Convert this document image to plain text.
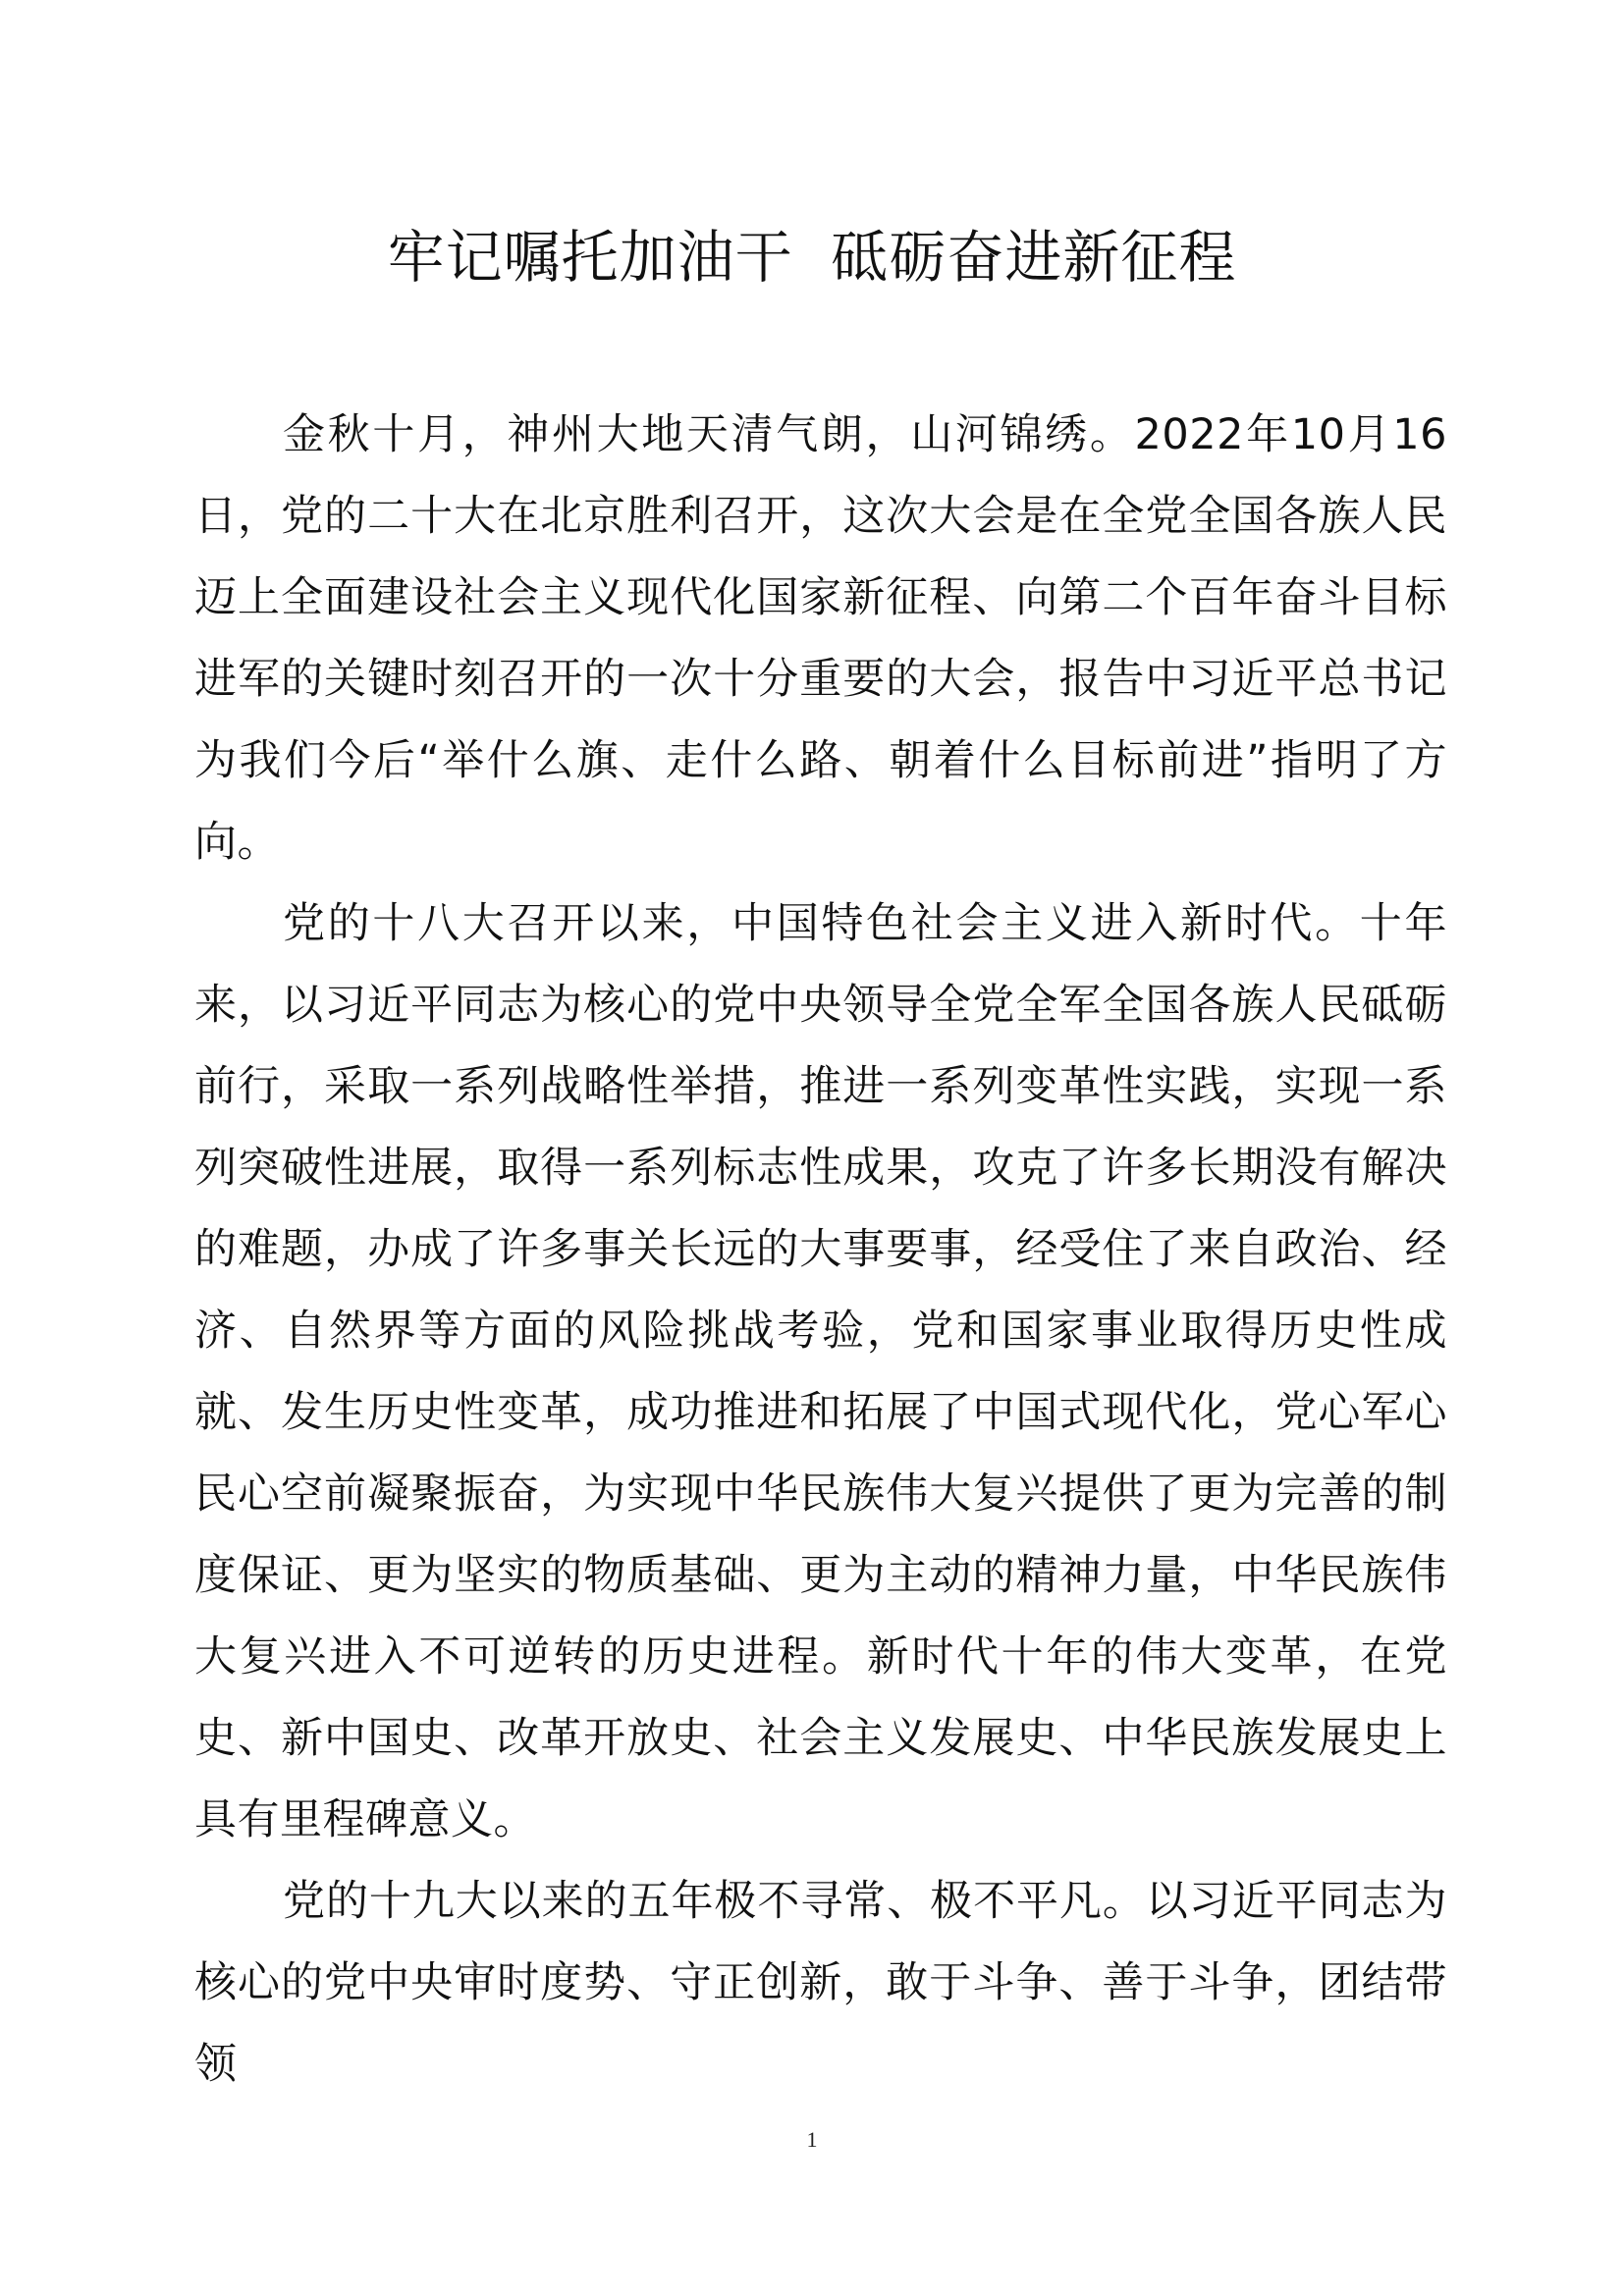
牢记嘱托加油干  砥砺奋进新征程

金秋十月，神州大地天清气朗，山河锦绣。2022年10月16日，党的二十大在北京胜利召开，这次大会是在全党全国各族人民迈上全面建设社会主义现代化国家新征程、向第二个百年奋斗目标进军的关键时刻召开的一次十分重要的大会，报告中习近平总书记为我们今后“举什么旗、走什么路、朝着什么目标前进”指明了方向。

党的十八大召开以来，中国特色社会主义进入新时代。十年来，以习近平同志为核心的党中央领导全党全军全国各族人民砥砺前行，采取一系列战略性举措，推进一系列变革性实践，实现一系列突破性进展，取得一系列标志性成果，攻克了许多长期没有解决的难题，办成了许多事关长远的大事要事，经受住了来自政治、经济、自然界等方面的风险挑战考验，党和国家事业取得历史性成就、发生历史性变革，成功推进和拓展了中国式现代化，党心军心民心空前凝聚振奋，为实现中华民族伟大复兴提供了更为完善的制度保证、更为坚实的物质基础、更为主动的精神力量，中华民族伟大复兴进入不可逆转的历史进程。新时代十年的伟大变革，在党史、新中国史、改革开放史、社会主义发展史、中华民族发展史上具有里程碑意义。

党的十九大以来的五年极不寻常、极不平凡。以习近平同志为核心的党中央审时度势、守正创新，敢于斗争、善于斗争，团结带领

1
